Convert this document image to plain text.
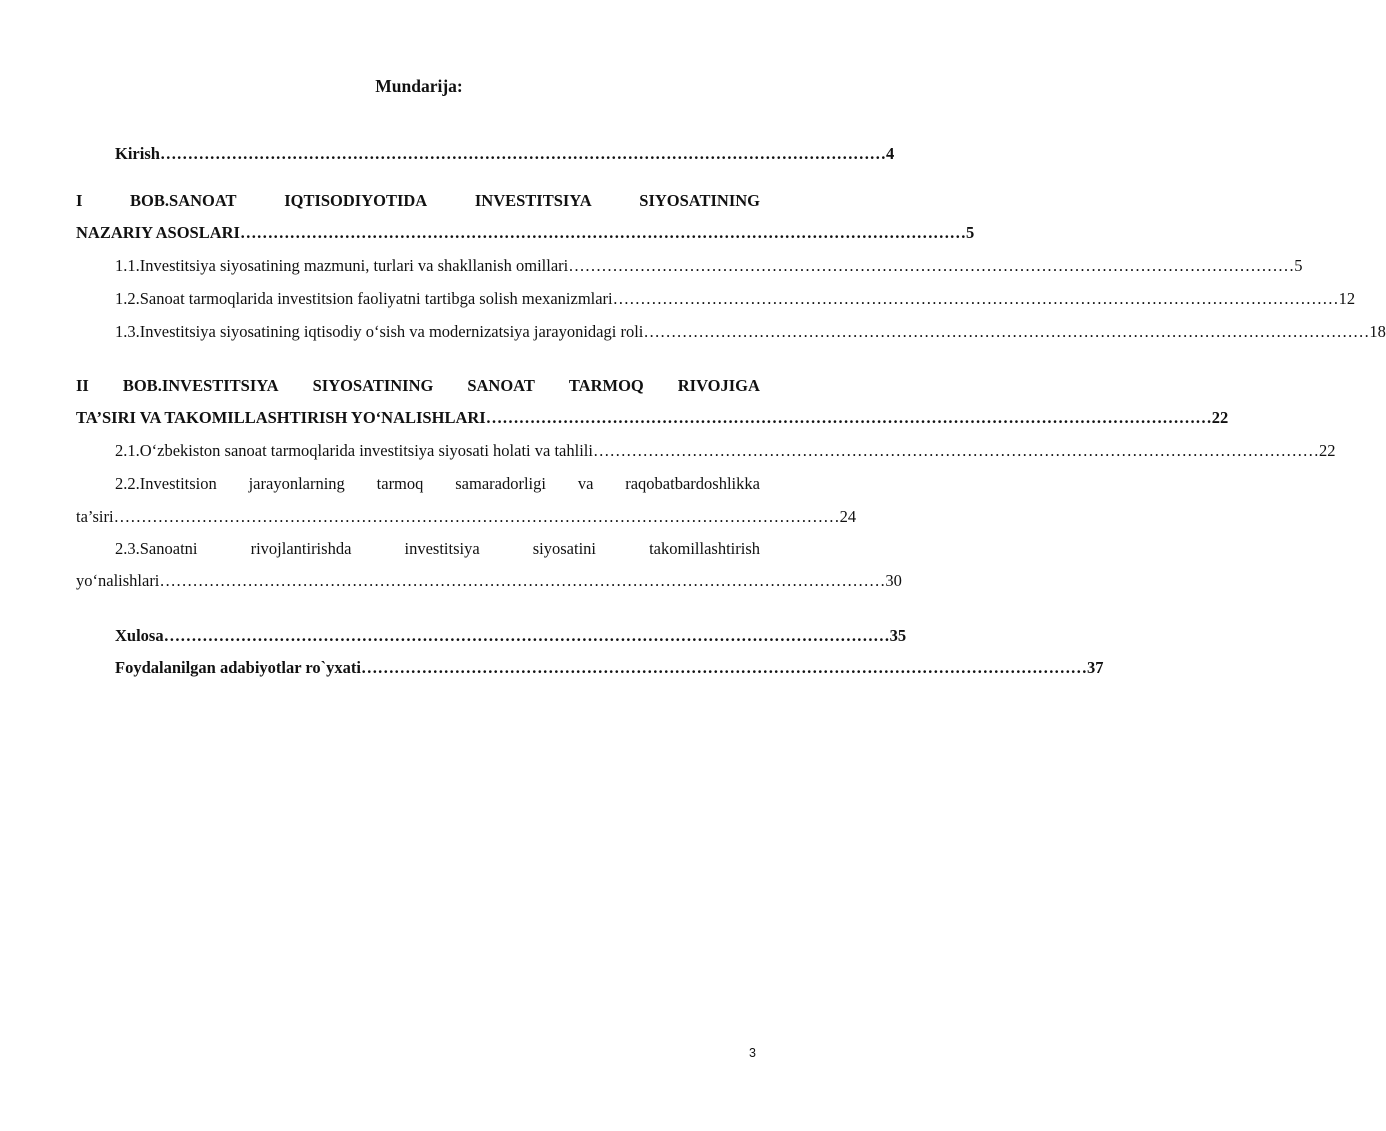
Mundarija:
Kirish …………………………………………………………………………………………………………………… 4
I	BOB.SANOAT	IQTISODIYOTIDA	INVESTITSIYA	SIYOSATINING
NAZARIY ASOSLARI …………………………………………………………………………………………………………………… 5
1.1.Investitsiya siyosatining mazmuni, turlari va shakllanish omillari …………………………………………………………………………………………………………………… 5
1.2.Sanoat tarmoqlarida investitsion faoliyatni tartibga solish mexanizmlari …………………………………………………………………………………………………………………… 12
1.3.Investitsiya siyosatining iqtisodiy o‘sish va modernizatsiya jarayonidagi roli …………………………………………………………………………………………………………………… 18
II BOB.INVESTITSIYA SIYOSATINING SANOAT TARMOQ RIVOJIGA
TA’SIRI VA TAKOMILLASHTIRISH YO‘NALISHLARI …………………………………………………………………………………………………………………… 22
2.1.O‘zbekiston sanoat tarmoqlarida investitsiya siyosati holati va tahlili …………………………………………………………………………………………………………………… 22
2.2.Investitsion jarayonlarning tarmoq samaradorligi va raqobatbardoshlikka
ta’siri …………………………………………………………………………………………………………………… 24
2.3.Sanoatni	rivojlantirishda	investitsiya	siyosatini	takomillashtirish
yo‘nalishlari …………………………………………………………………………………………………………………… 30
Xulosa …………………………………………………………………………………………………………………… 35
Foydalanilgan adabiyotlar ro`yxati …………………………………………………………………………………………………………………… 37
3
